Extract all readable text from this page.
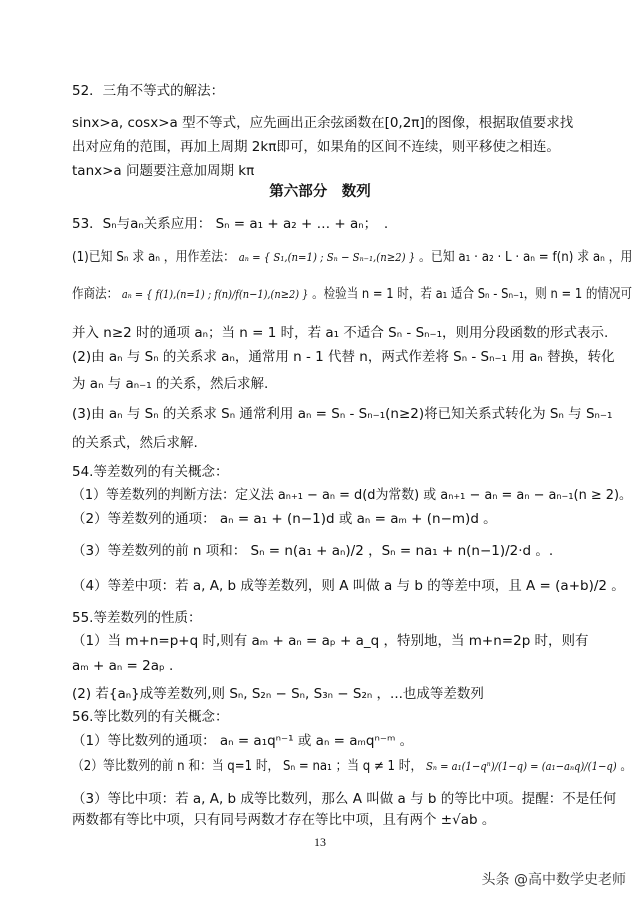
52．三角不等式的解法：
sinx>a, cosx>a 型不等式，应先画出正余弦函数在[0,2π]的图像，根据取值要求找
出对应角的范围，再加上周期 2kπ即可，如果角的区间不连续，则平移使之相连。
tanx>a 问题要注意加周期 kπ
第六部分　数列
53．Sₙ与aₙ关系应用： Sₙ = a₁ + a₂ + … + aₙ；　.
(1)已知 Sₙ 求 aₙ ，用作差法： aₙ = { S₁,(n=1) ; Sₙ − Sₙ₋₁,(n≥2) } 。已知 a₁ · a₂ · L · aₙ = f(n) 求 aₙ ，用
作商法： aₙ = { f(1),(n=1) ; f(n)/f(n−1),(n≥2) } 。检验当 n = 1 时，若 a₁ 适合 Sₙ - Sₙ₋₁，则 n = 1 的情况可
并入 n≥2 时的通项 aₙ；当 n = 1 时，若 a₁ 不适合 Sₙ - Sₙ₋₁，则用分段函数的形式表示.
(2)由 aₙ 与 Sₙ 的关系求 aₙ，通常用 n - 1 代替 n，两式作差将 Sₙ - Sₙ₋₁ 用 aₙ 替换，转化
为 aₙ 与 aₙ₋₁ 的关系，然后求解.
(3)由 aₙ 与 Sₙ 的关系求 Sₙ 通常利用 aₙ = Sₙ - Sₙ₋₁(n≥2)将已知关系式转化为 Sₙ 与 Sₙ₋₁
的关系式，然后求解.
54.等差数列的有关概念：
（1）等差数列的判断方法：定义法 aₙ₊₁ − aₙ = d(d为常数) 或 aₙ₊₁ − aₙ = aₙ − aₙ₋₁(n ≥ 2)。
（2）等差数列的通项： aₙ = a₁ + (n−1)d 或 aₙ = aₘ + (n−m)d 。
（3）等差数列的前 n 项和： Sₙ = n(a₁ + aₙ)/2 ，Sₙ = na₁ + n(n−1)/2·d 。.
（4）等差中项：若 a, A, b 成等差数列，则 A 叫做 a 与 b 的等差中项，且 A = (a+b)/2 。
55.等差数列的性质：
（1）当 m+n=p+q 时,则有 aₘ + aₙ = aₚ + a_q ，特别地，当 m+n=2p 时，则有
aₘ + aₙ = 2aₚ .
(2) 若{aₙ}成等差数列,则 Sₙ, S₂ₙ − Sₙ, S₃ₙ − S₂ₙ ，...也成等差数列
56.等比数列的有关概念：
（1）等比数列的通项： aₙ = a₁qⁿ⁻¹ 或 aₙ = aₘqⁿ⁻ᵐ 。
（2）等比数列的前 n 和：当 q=1 时， Sₙ = na₁ ；当 q ≠ 1 时， Sₙ = a₁(1−qⁿ)/(1−q) = (a₁−aₙq)/(1−q) 。
（3）等比中项：若 a, A, b 成等比数列，那么 A 叫做 a 与 b 的等比中项。提醒：不是任何
两数都有等比中项，只有同号两数才存在等比中项，且有两个 ±√ab 。
13
头条 @高中数学史老师
